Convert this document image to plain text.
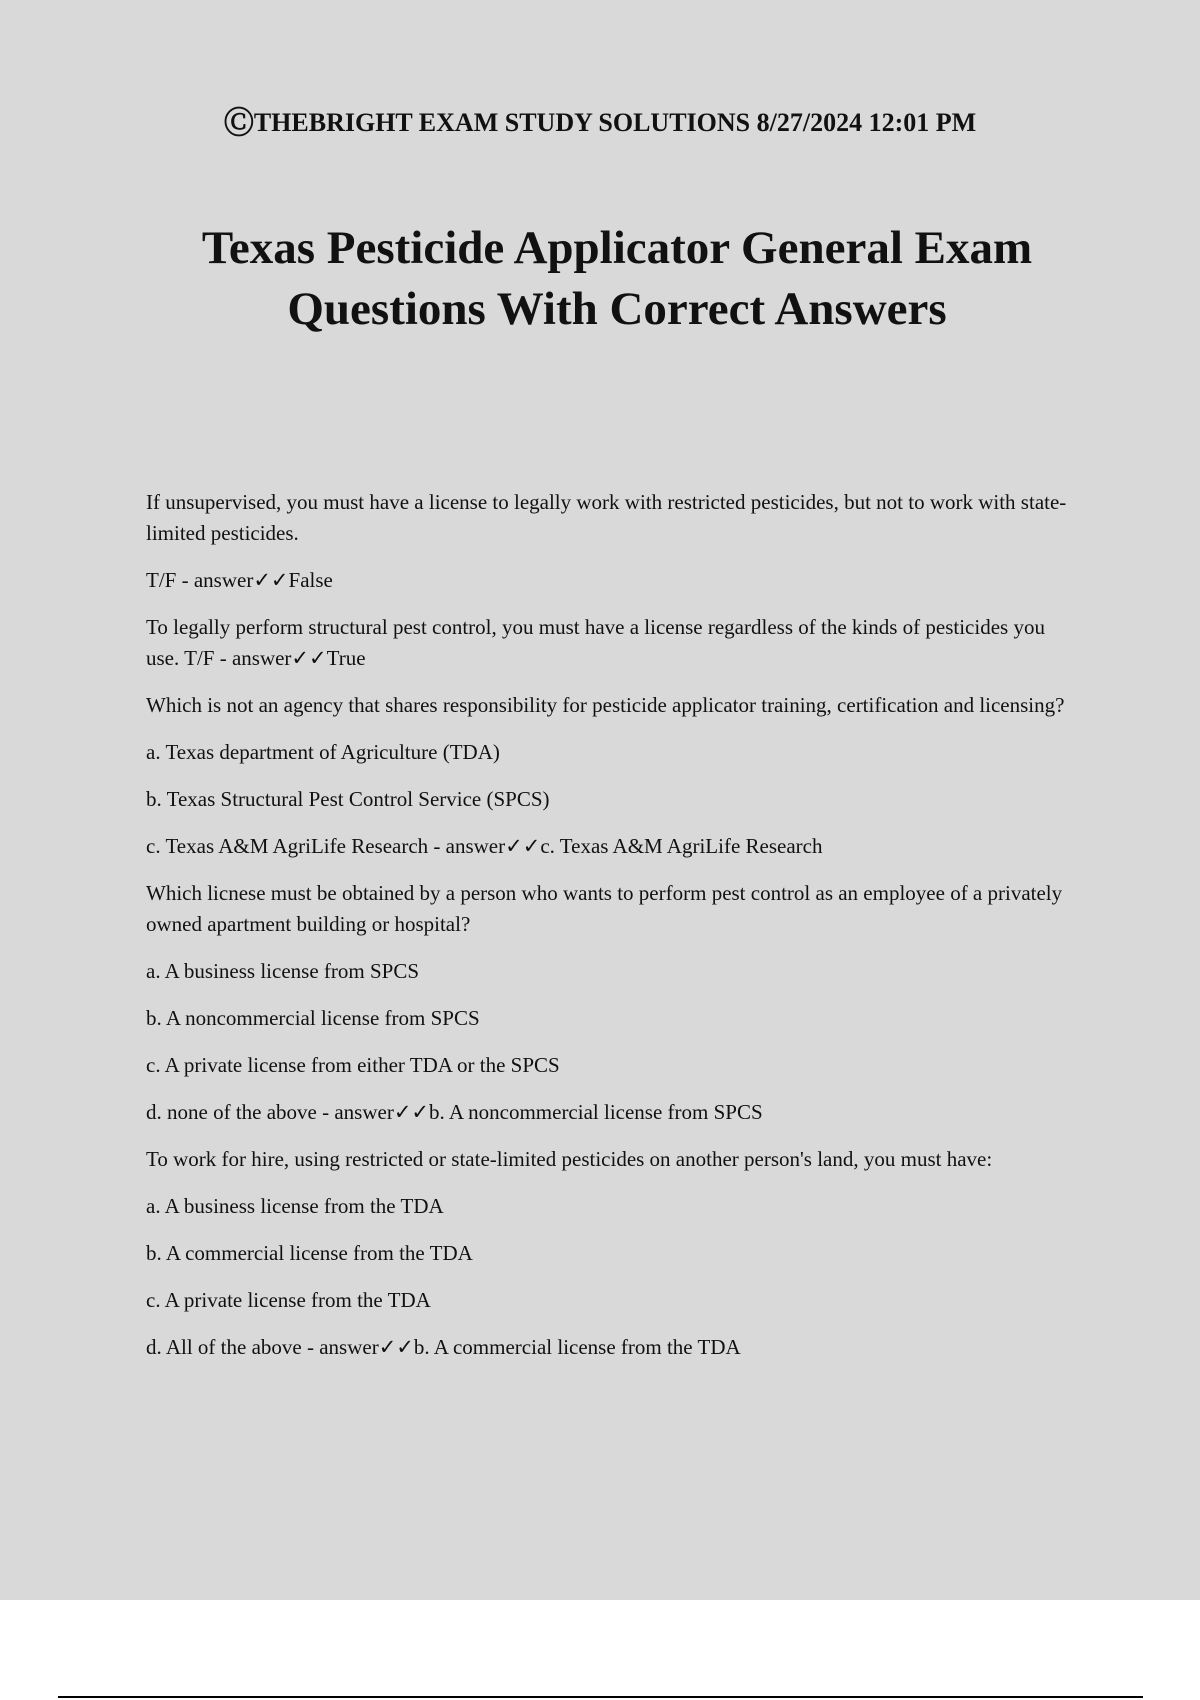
ⒸTHEBRIGHT EXAM STUDY SOLUTIONS 8/27/2024 12:01 PM
Texas Pesticide Applicator General Exam
Questions With Correct Answers

If unsupervised, you must have a license to legally work with restricted pesticides, but not to work with state-limited pesticides.

T/F - answer✓✓False

To legally perform structural pest control, you must have a license regardless of the kinds of pesticides you use. T/F - answer✓✓True

Which is not an agency that shares responsibility for pesticide applicator training, certification and licensing?

a. Texas department of Agriculture (TDA)

b. Texas Structural Pest Control Service (SPCS)

c. Texas A&M AgriLife Research - answer✓✓c. Texas A&M AgriLife Research

Which licnese must be obtained by a person who wants to perform pest control as an employee of a privately owned apartment building or hospital?

a. A business license from SPCS

b. A noncommercial license from SPCS

c. A private license from either TDA or the SPCS

d. none of the above - answer✓✓b. A noncommercial license from SPCS

To work for hire, using restricted or state-limited pesticides on another person's land, you must have:

a. A business license from the TDA

b. A commercial license from the TDA

c. A private license from the TDA

d. All of the above - answer✓✓b. A commercial license from the TDA
